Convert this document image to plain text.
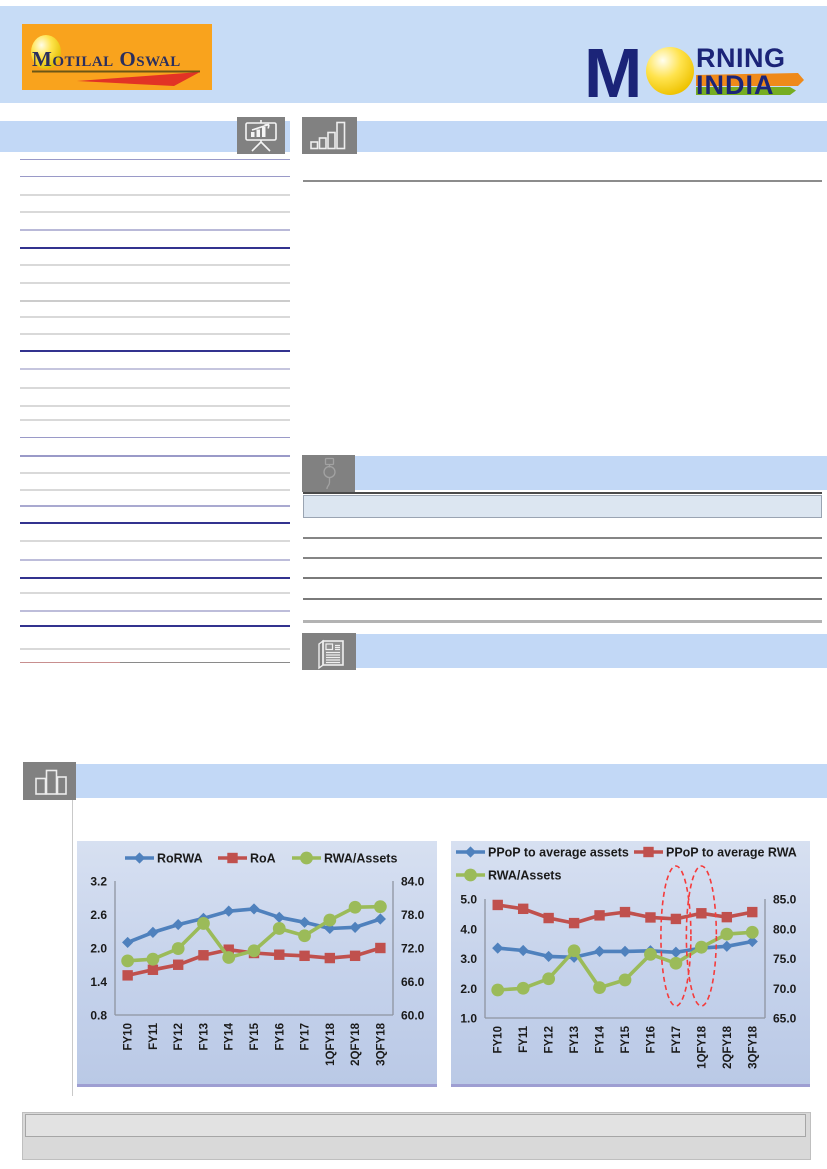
Motilal Oswal	M RNING
INDIA
3.2
2.6
2.0
1.4
0.8
84.0
78.0
72.0
66.0
60.0
FY10 FY11 FY12 FY13 FY14 FY15 FY16 FY17 1QFY18 2QFY18 3QFY18
RoRWA	RoA	RWA/Assets
5.0
4.0
3.0
2.0
1.0
85.0
80.0
75.0
70.0
65.0
FY10 FY11 FY12 FY13 FY14 FY15 FY16 FY17 1QFY18 2QFY18 3QFY18
PPoP to average assets	PPoP to average RWA
RWA/Assets
